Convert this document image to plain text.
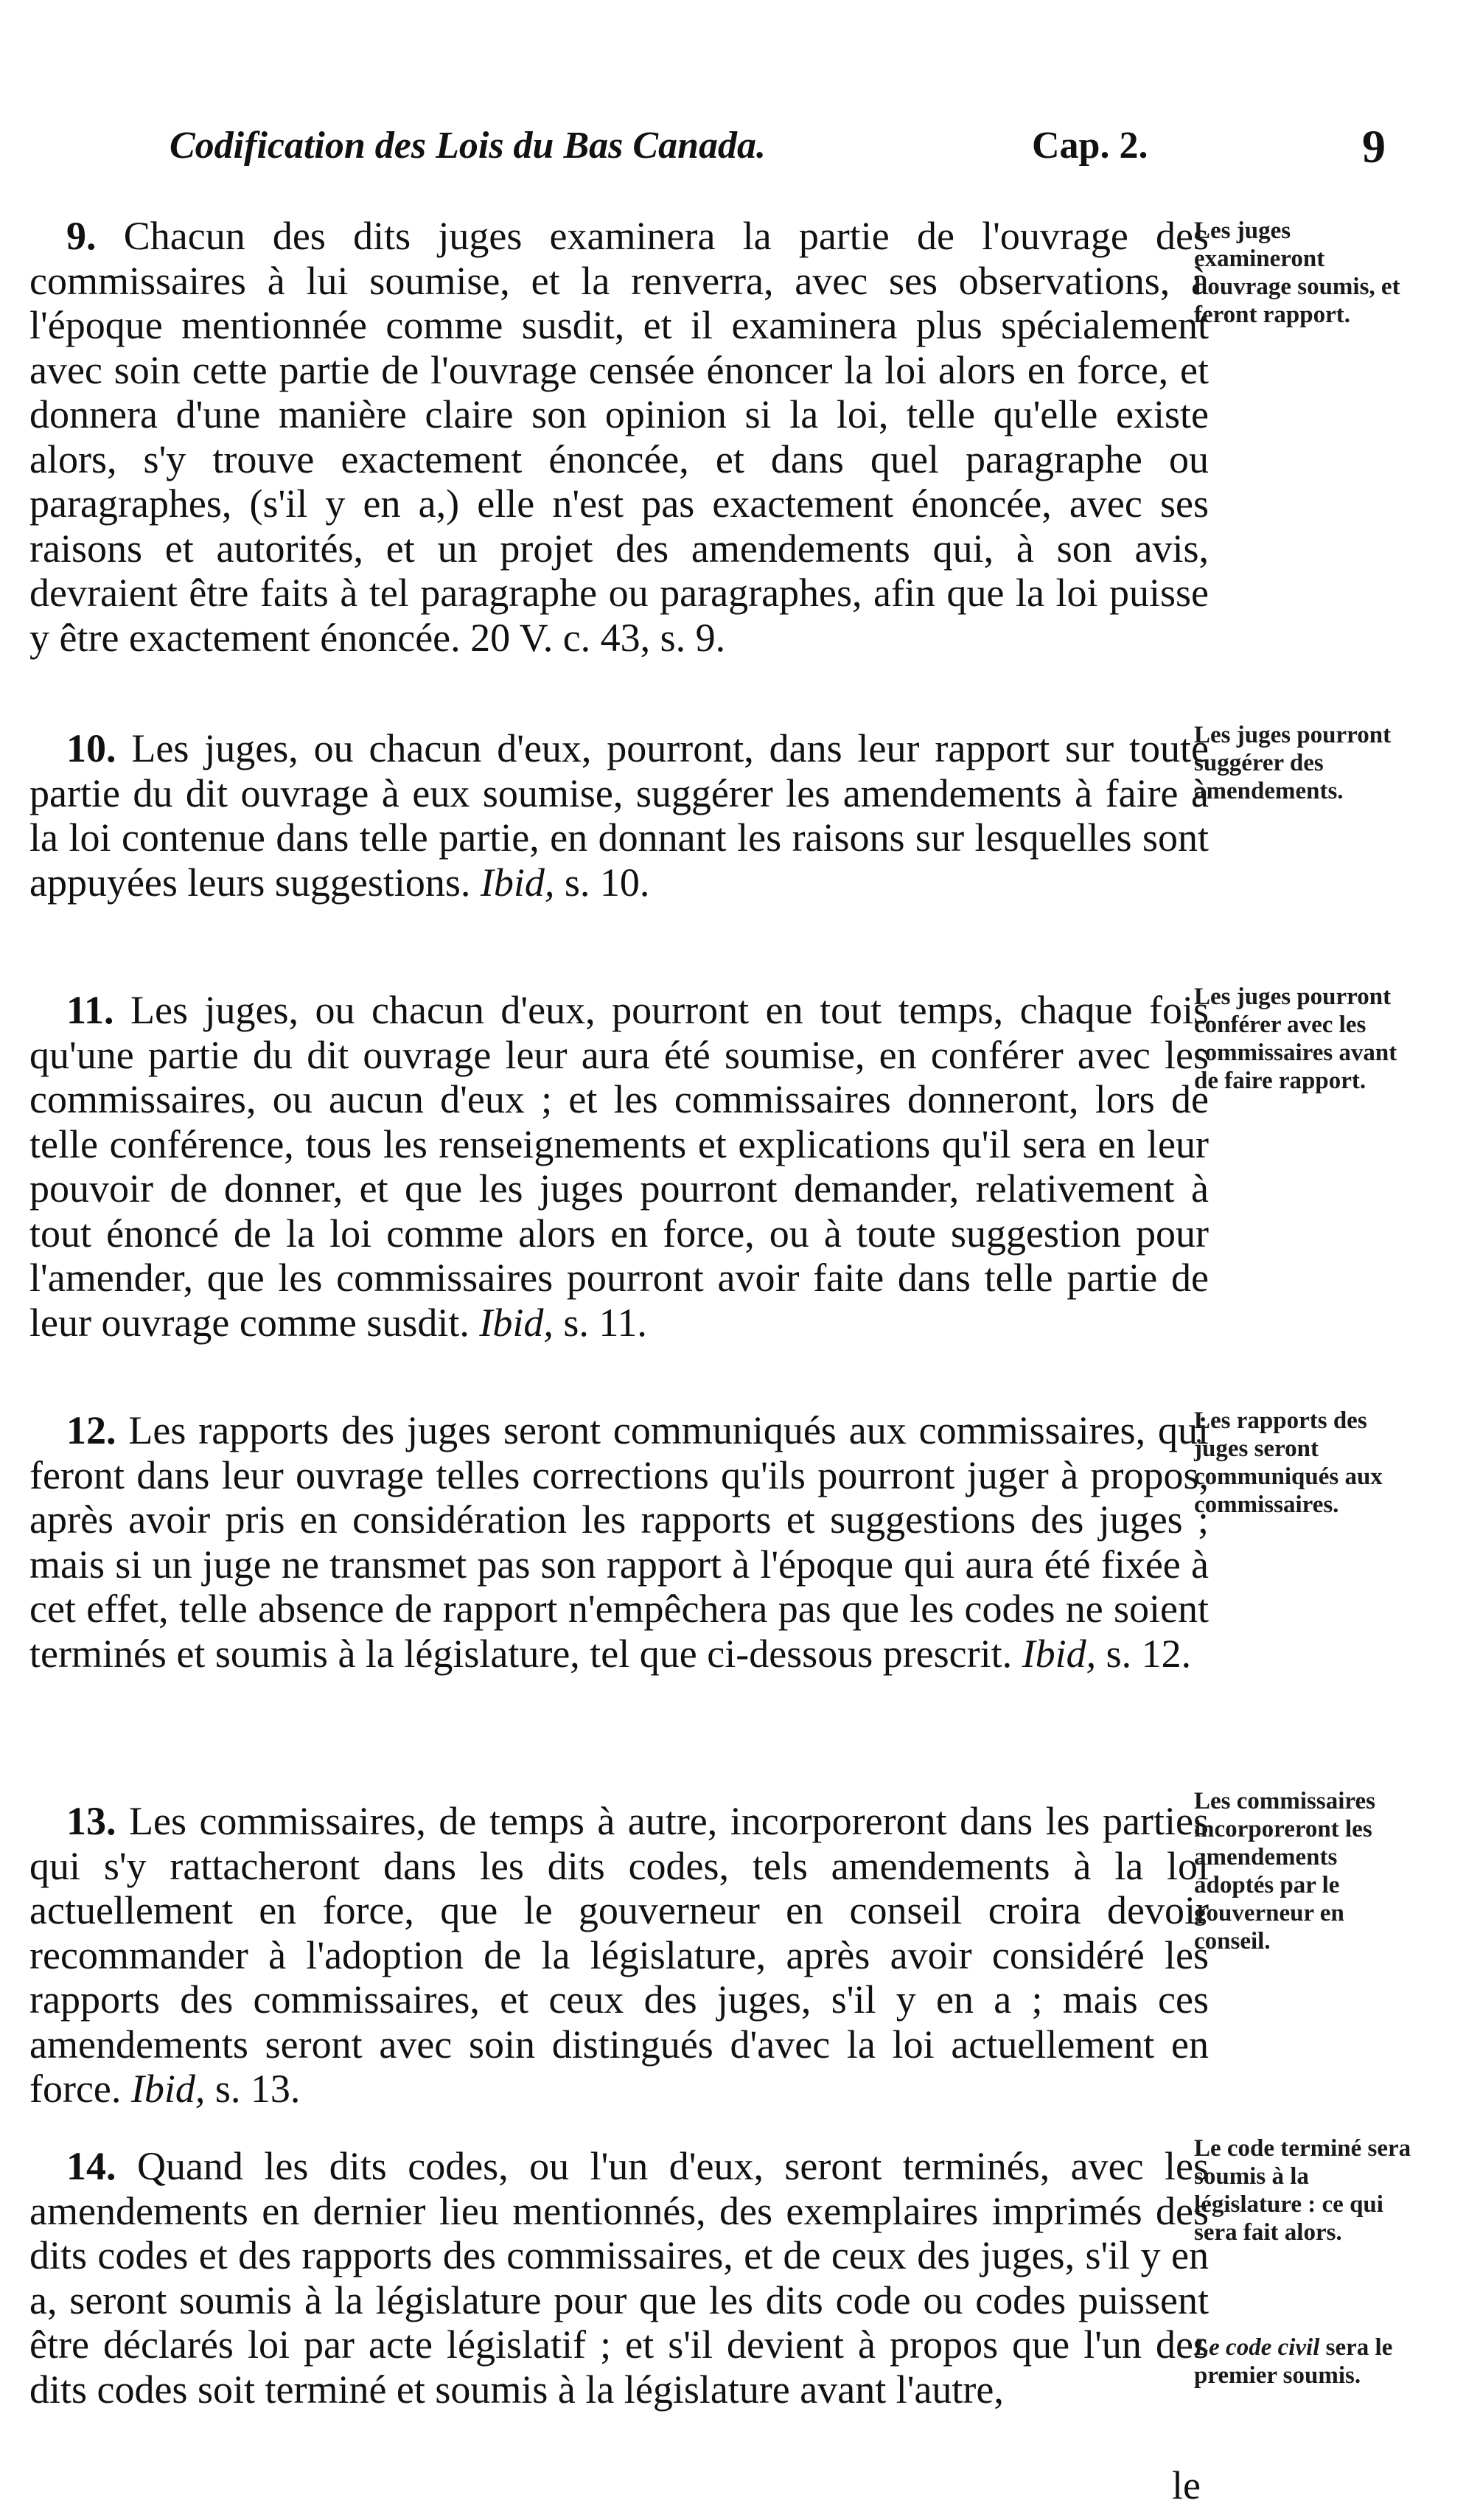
Codification des Lois du Bas Canada.	Cap. 2.	9

9. Chacun des dits juges examinera la partie de l'ouvrage des commissaires à lui soumise, et la renverra, avec ses observations, à l'époque mentionnée comme susdit, et il examinera plus spécialement avec soin cette partie de l'ouvrage censée énoncer la loi alors en force, et donnera d'une manière claire son opinion si la loi, telle qu'elle existe alors, s'y trouve exactement énoncée, et dans quel paragraphe ou paragraphes, (s'il y en a,) elle n'est pas exactement énoncée, avec ses raisons et autorités, et un projet des amendements qui, à son avis, devraient être faits à tel paragraphe ou paragraphes, afin que la loi puisse y être exactement énoncée. 20 V. c. 43, s. 9.

Les juges examineront l'ouvrage soumis, et feront rapport.

10. Les juges, ou chacun d'eux, pourront, dans leur rapport sur toute partie du dit ouvrage à eux soumise, suggérer les amendements à faire à la loi contenue dans telle partie, en donnant les raisons sur lesquelles sont appuyées leurs suggestions. Ibid, s. 10.

Les juges pourront suggérer des amendements.

11. Les juges, ou chacun d'eux, pourront en tout temps, chaque fois qu'une partie du dit ouvrage leur aura été soumise, en conférer avec les commissaires, ou aucun d'eux ; et les commissaires donneront, lors de telle conférence, tous les renseignements et explications qu'il sera en leur pouvoir de donner, et que les juges pourront demander, relativement à tout énoncé de la loi comme alors en force, ou à toute suggestion pour l'amender, que les commissaires pourront avoir faite dans telle partie de leur ouvrage comme susdit. Ibid, s. 11.

Les juges pourront conférer avec les commissaires avant de faire rapport.

12. Les rapports des juges seront communiqués aux commissaires, qui feront dans leur ouvrage telles corrections qu'ils pourront juger à propos, après avoir pris en considération les rapports et suggestions des juges ; mais si un juge ne transmet pas son rapport à l'époque qui aura été fixée à cet effet, telle absence de rapport n'empêchera pas que les codes ne soient terminés et soumis à la législature, tel que ci-dessous prescrit. Ibid, s. 12.

Les rapports des juges seront communiqués aux commissaires.

13. Les commissaires, de temps à autre, incorporeront dans les parties qui s'y rattacheront dans les dits codes, tels amendements à la loi actuellement en force, que le gouverneur en conseil croira devoir recommander à l'adoption de la législature, après avoir considéré les rapports des commissaires, et ceux des juges, s'il y en a ; mais ces amendements seront avec soin distingués d'avec la loi actuellement en force. Ibid, s. 13.

Les commissaires incorporeront les amendements adoptés par le gouverneur en conseil.

14. Quand les dits codes, ou l'un d'eux, seront terminés, avec les amendements en dernier lieu mentionnés, des exemplaires imprimés des dits codes et des rapports des commissaires, et de ceux des juges, s'il y en a, seront soumis à la législature pour que les dits code ou codes puissent être déclarés loi par acte législatif ; et s'il devient à propos que l'un des dits codes soit terminé et soumis à la législature avant l'autre,

Le code terminé sera soumis à la législature : ce qui sera fait alors.
Le code civil sera le premier soumis.
le
